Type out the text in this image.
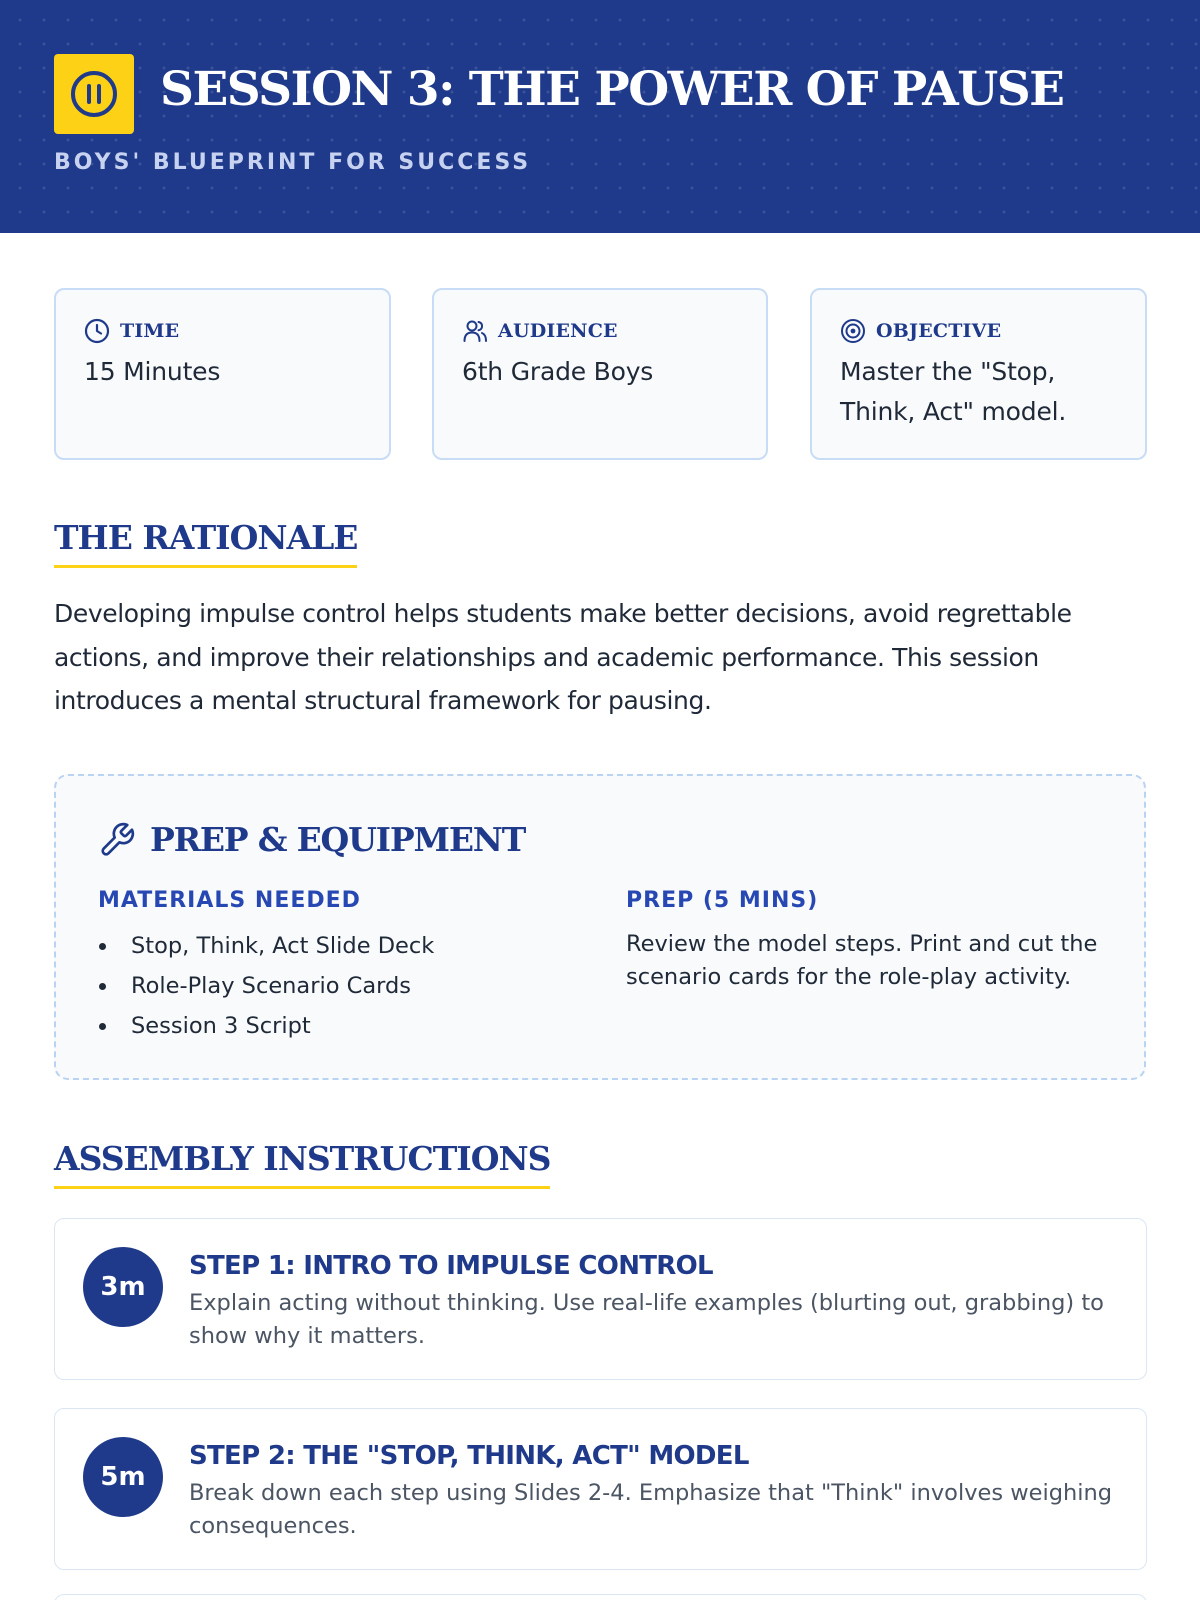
SESSION 3: THE POWER OF PAUSE
BOYS' BLUEPRINT FOR SUCCESS
TIME
15 Minutes
AUDIENCE
6th Grade Boys
OBJECTIVE
Master the "Stop, Think, Act" model.
THE RATIONALE

Developing impulse control helps students make better decisions, avoid regrettable actions, and improve their relationships and academic performance. This session introduces a mental structural framework for pausing.

PREP & EQUIPMENT
MATERIALS NEEDED
Stop, Think, Act Slide Deck
Role-Play Scenario Cards
Session 3 Script
PREP (5 MINS)

Review the model steps. Print and cut the scenario cards for the role-play activity.

ASSEMBLY INSTRUCTIONS
3m
STEP 1: INTRO TO IMPULSE CONTROL

Explain acting without thinking. Use real-life examples (blurting out, grabbing) to show why it matters.

5m
STEP 2: THE "STOP, THINK, ACT" MODEL

Break down each step using Slides 2-4. Emphasize that "Think" involves weighing consequences.
